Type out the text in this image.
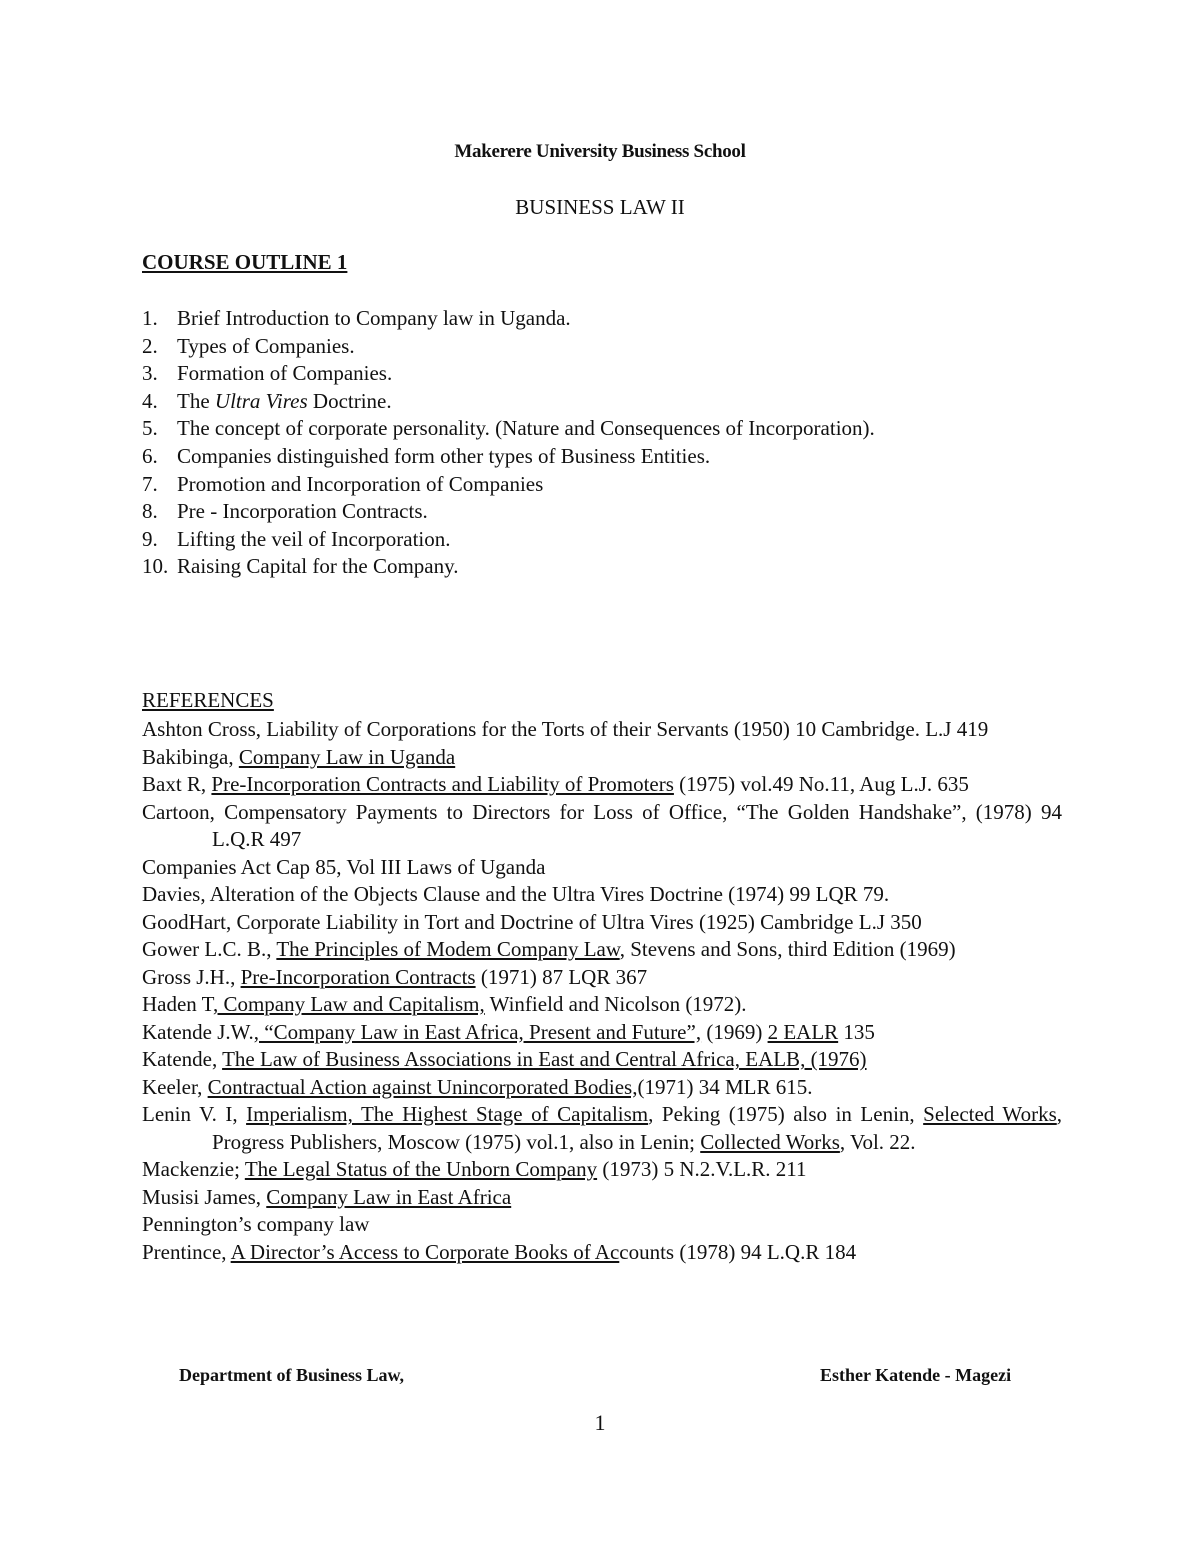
Makerere University Business School
BUSINESS LAW II
COURSE OUTLINE 1
1. Brief Introduction to Company law in Uganda.
2. Types of Companies.
3. Formation of Companies.
4. The Ultra Vires Doctrine.
5. The concept of corporate personality. (Nature and Consequences of Incorporation).
6. Companies distinguished form other types of Business Entities.
7. Promotion and Incorporation of Companies
8. Pre - Incorporation Contracts.
9. Lifting the veil of Incorporation.
10. Raising Capital for the Company.
REFERENCES
Ashton Cross, Liability of Corporations for the Torts of their Servants (1950) 10 Cambridge. L.J 419
Bakibinga, Company Law in Uganda
Baxt R, Pre-Incorporation Contracts and Liability of Promoters (1975) vol.49 No.11, Aug L.J. 635
Cartoon, Compensatory Payments to Directors for Loss of Office, “The Golden Handshake”, (1978) 94 L.Q.R 497
Companies Act Cap 85, Vol III Laws of Uganda
Davies, Alteration of the Objects Clause and the Ultra Vires Doctrine (1974) 99 LQR 79.
GoodHart, Corporate Liability in Tort and Doctrine of Ultra Vires (1925) Cambridge L.J 350
Gower L.C. B., The Principles of Modem Company Law, Stevens and Sons, third Edition (1969)
Gross J.H., Pre-Incorporation Contracts (1971) 87 LQR 367
Haden T, Company Law and Capitalism, Winfield and Nicolson (1972).
Katende J.W., “Company Law in East Africa, Present and Future”, (1969) 2 EALR 135
Katende, The Law of Business Associations in East and Central Africa, EALB, (1976)
Keeler, Contractual Action against Unincorporated Bodies,(1971) 34 MLR 615.
Lenin V. I, Imperialism, The Highest Stage of Capitalism, Peking (1975) also in Lenin, Selected Works, Progress Publishers, Moscow (1975) vol.1, also in Lenin; Collected Works, Vol. 22.
Mackenzie; The Legal Status of the Unborn Company (1973) 5 N.2.V.L.R. 211
Musisi James, Company Law in East Africa
Pennington’s company law
Prentince, A Director’s Access to Corporate Books of Accounts (1978) 94 L.Q.R 184
Department of Business Law,	Esther Katende - Magezi
1
